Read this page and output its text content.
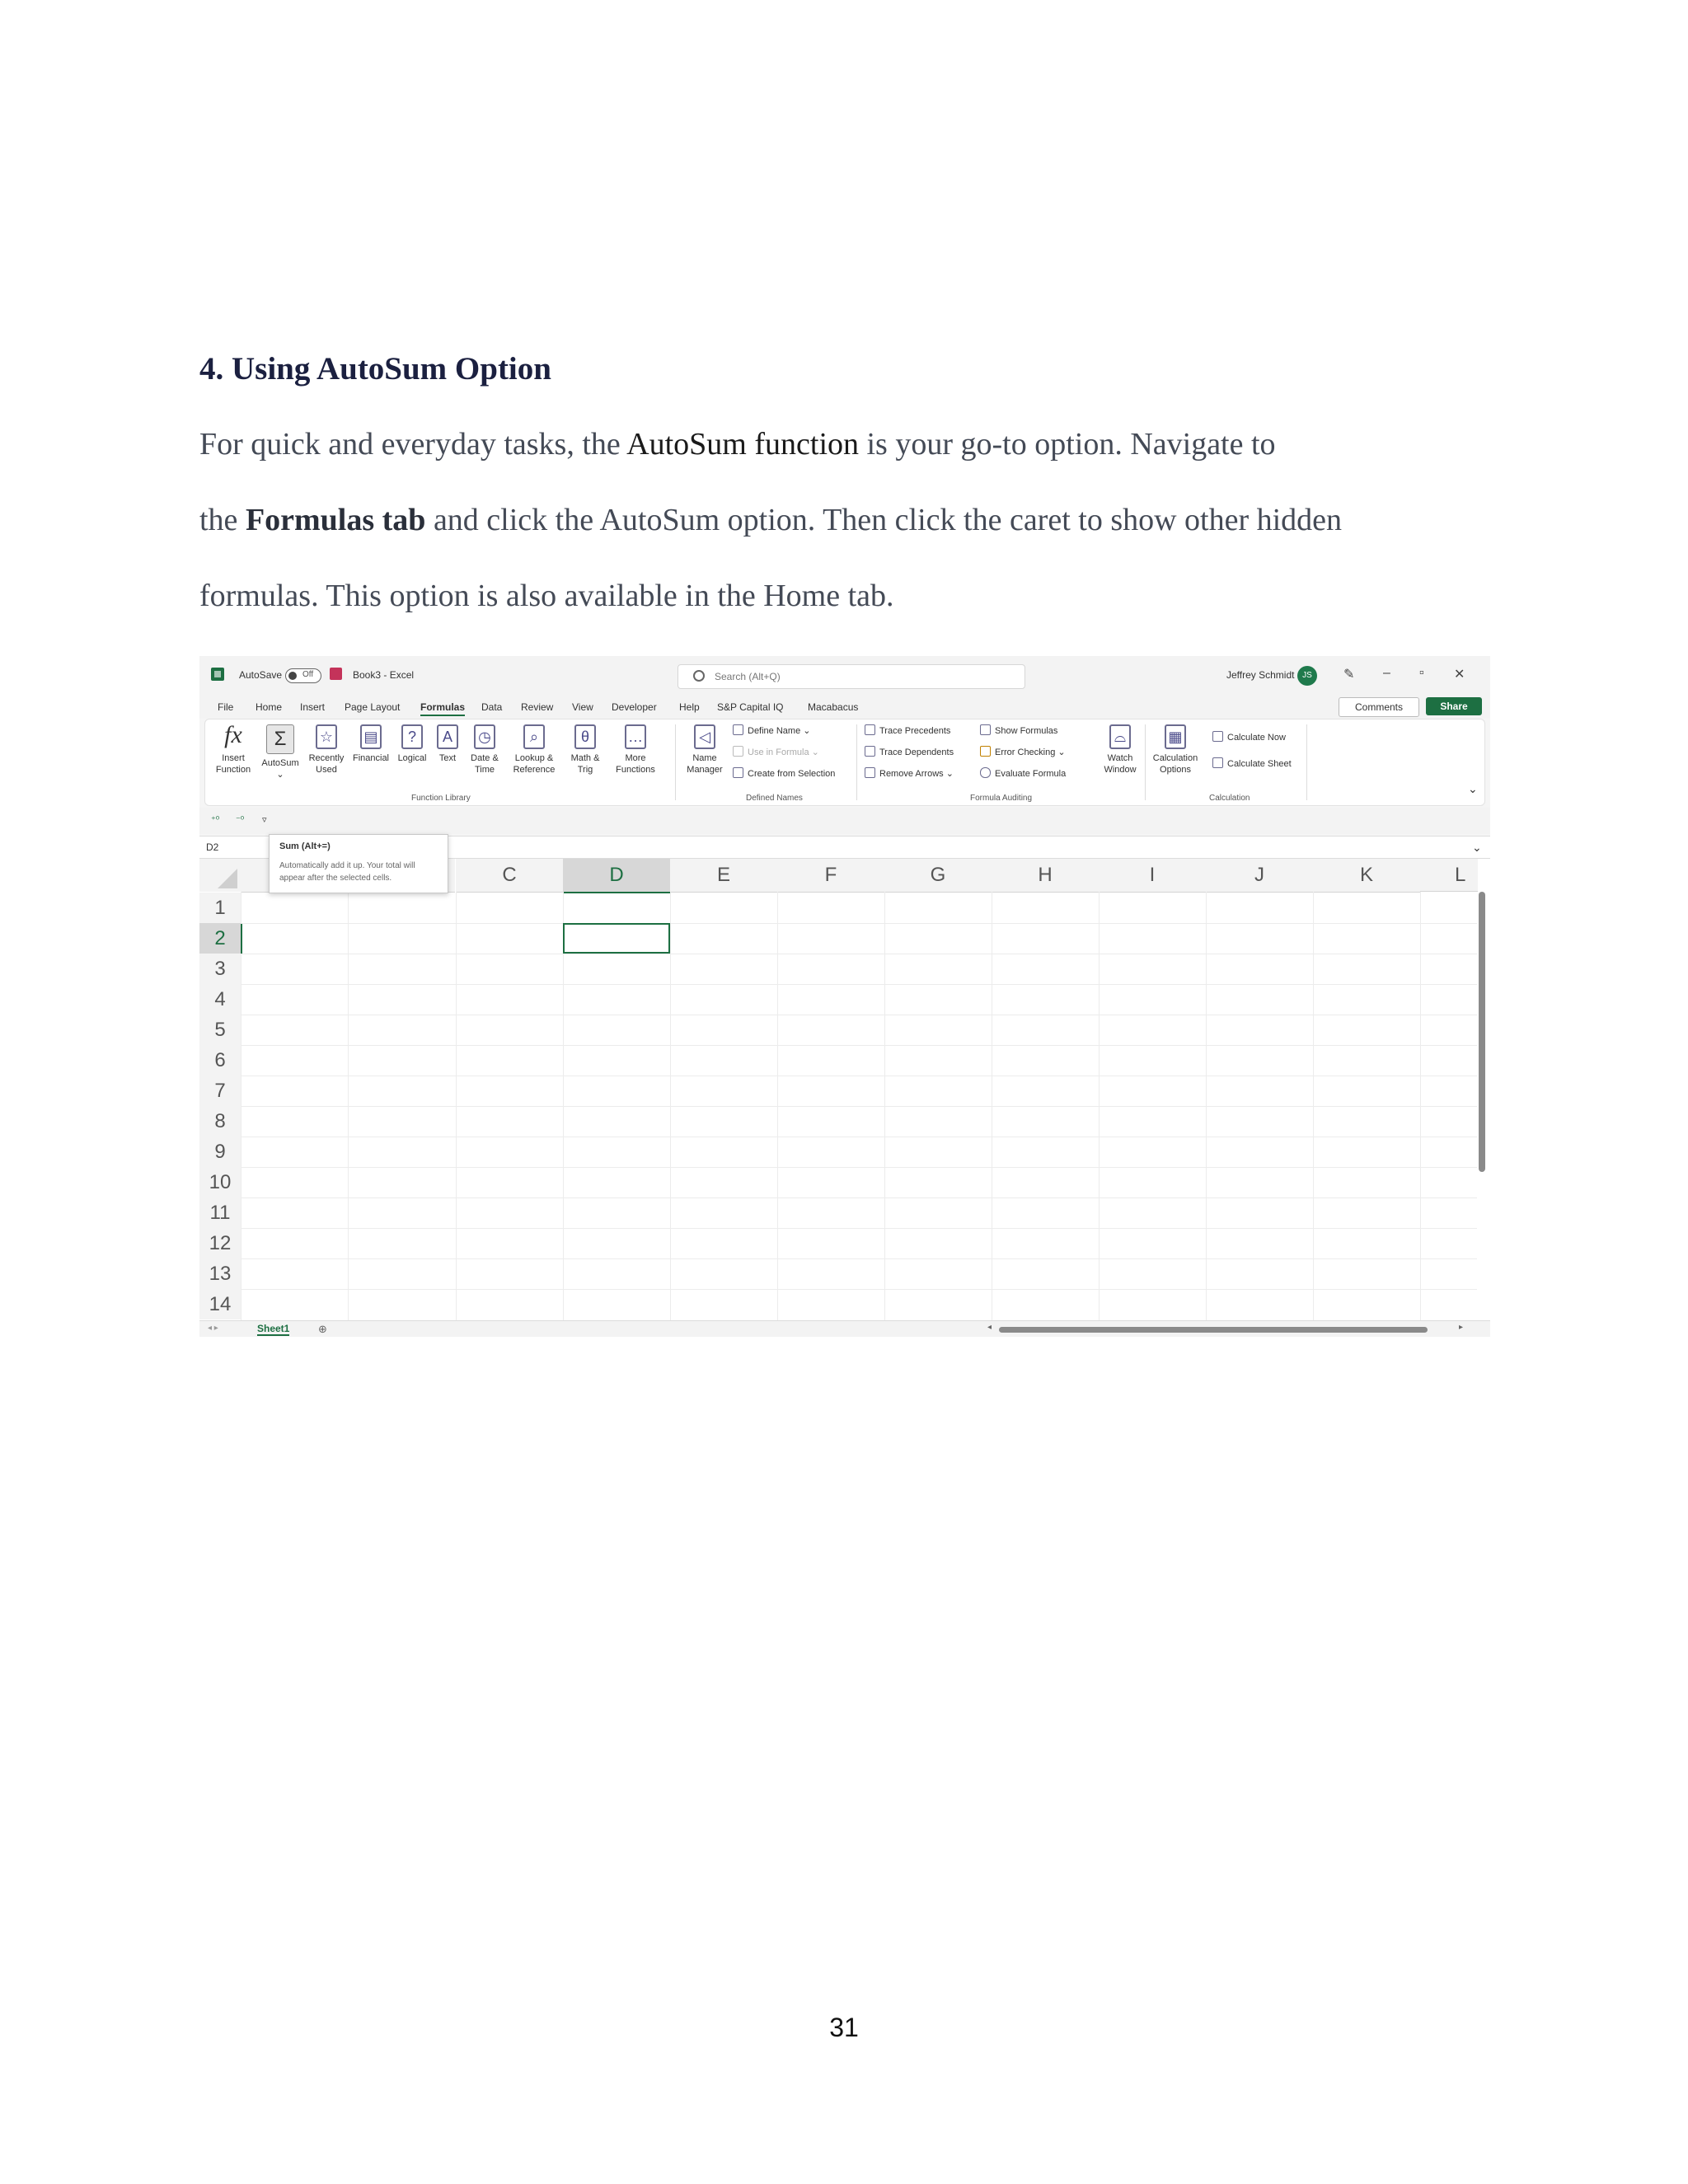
4. Using AutoSum Option
For quick and everyday tasks, the AutoSum function is your go-to option. Navigate to
the Formulas tab and click the AutoSum option. Then click the caret to show other hidden
formulas. This option is also available in the Home tab.
AutoSave Off	Book3 - Excel	Search (Alt+Q)	Jeffrey Schmidt JS	✎ – ▫ ✕
File Home Insert Page Layout Formulas Data Review View Developer Help S&P Capital IQ Macabacus	Comments	Share
fx
Insert
Function
Σ
AutoSum
⌄
☆
Recently
Used
▤
Financial
?
Logical
A
Text
◷
Date &
Time
⌕
Lookup &
Reference
θ
Math &
Trig
…
More
Functions
Function Library
◁
Name
Manager
Define Name ⌄
Use in Formula ⌄
Create from Selection
Defined Names
Trace Precedents
Trace Dependents
Remove Arrows ⌄
Show Formulas
Error Checking ⌄
Evaluate Formula
Formula Auditing
⌓
Watch
Window
▦
Calculation
Options
Calculate Now
Calculate Sheet
Calculation
⌄
⁺⁰ ⁻⁰ ▿
D2	⌄
Sum (Alt+=)
Automatically add it up. Your total will appear after the selected cells.	C	D	E	F	G	H	I	J	K	L
1
2
3
4
5
6
7
8
9
10
11
12
13
14
◂ ▸	Sheet1	⊕	◂	▸
31
